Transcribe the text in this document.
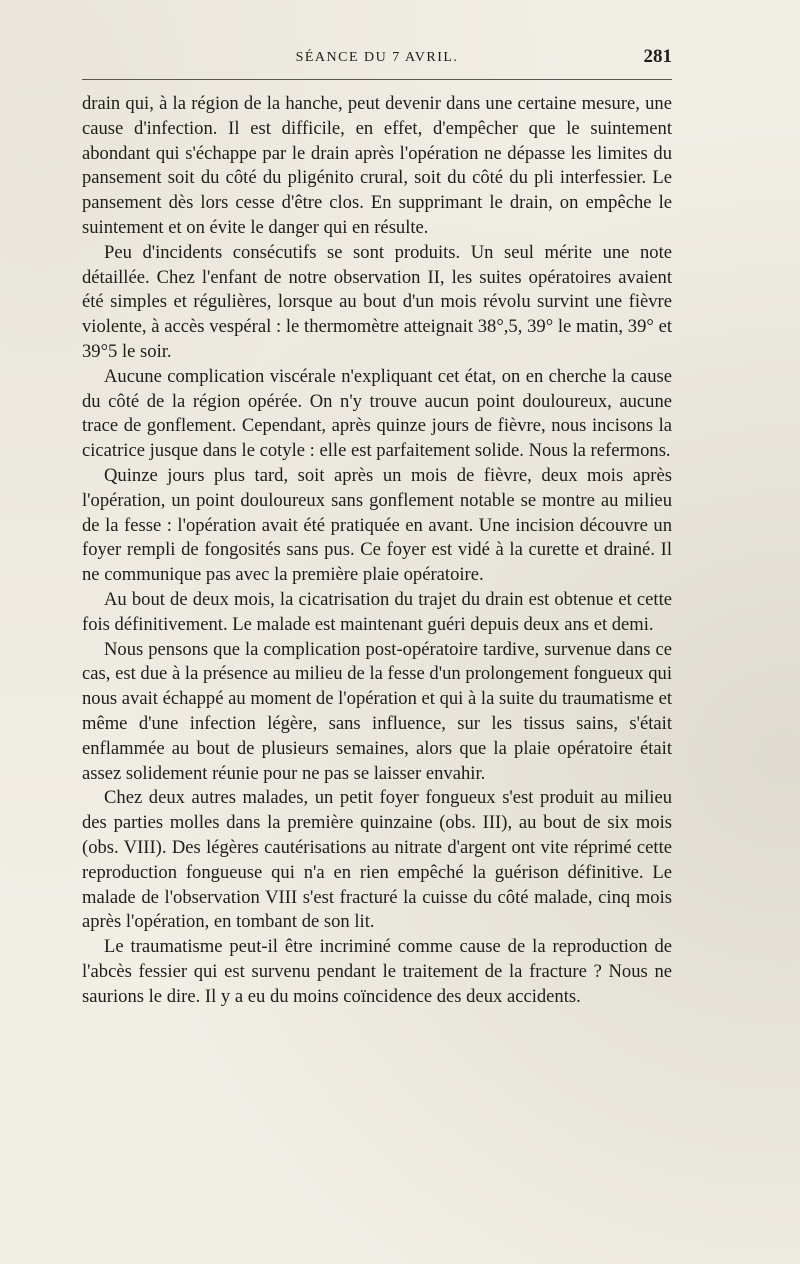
SÉANCE DU 7 AVRIL.	281

drain qui, à la région de la hanche, peut devenir dans une certaine mesure, une cause d'infection. Il est difficile, en effet, d'empêcher que le suintement abondant qui s'échappe par le drain après l'opération ne dépasse les limites du pansement soit du côté du pligénito crural, soit du côté du pli interfessier. Le pansement dès lors cesse d'être clos. En supprimant le drain, on empêche le suintement et on évite le danger qui en résulte.

Peu d'incidents consécutifs se sont produits. Un seul mérite une note détaillée. Chez l'enfant de notre observation II, les suites opératoires avaient été simples et régulières, lorsque au bout d'un mois révolu survint une fièvre violente, à accès vespéral : le thermomètre atteignait 38°,5, 39° le matin, 39° et 39°5 le soir.

Aucune complication viscérale n'expliquant cet état, on en cherche la cause du côté de la région opérée. On n'y trouve aucun point douloureux, aucune trace de gonflement. Cependant, après quinze jours de fièvre, nous incisons la cicatrice jusque dans le cotyle : elle est parfaitement solide. Nous la refermons.

Quinze jours plus tard, soit après un mois de fièvre, deux mois après l'opération, un point douloureux sans gonflement notable se montre au milieu de la fesse : l'opération avait été pratiquée en avant. Une incision découvre un foyer rempli de fongosités sans pus. Ce foyer est vidé à la curette et drainé. Il ne communique pas avec la première plaie opératoire.

Au bout de deux mois, la cicatrisation du trajet du drain est obtenue et cette fois définitivement. Le malade est maintenant guéri depuis deux ans et demi.

Nous pensons que la complication post-opératoire tardive, survenue dans ce cas, est due à la présence au milieu de la fesse d'un prolongement fongueux qui nous avait échappé au moment de l'opération et qui à la suite du traumatisme et même d'une infection légère, sans influence, sur les tissus sains, s'était enflammée au bout de plusieurs semaines, alors que la plaie opératoire était assez solidement réunie pour ne pas se laisser envahir.

Chez deux autres malades, un petit foyer fongueux s'est produit au milieu des parties molles dans la première quinzaine (obs. III), au bout de six mois (obs. VIII). Des légères cautérisations au nitrate d'argent ont vite réprimé cette reproduction fongueuse qui n'a en rien empêché la guérison définitive. Le malade de l'observation VIII s'est fracturé la cuisse du côté malade, cinq mois après l'opération, en tombant de son lit.

Le traumatisme peut-il être incriminé comme cause de la reproduction de l'abcès fessier qui est survenu pendant le traitement de la fracture ? Nous ne saurions le dire. Il y a eu du moins coïncidence des deux accidents.
